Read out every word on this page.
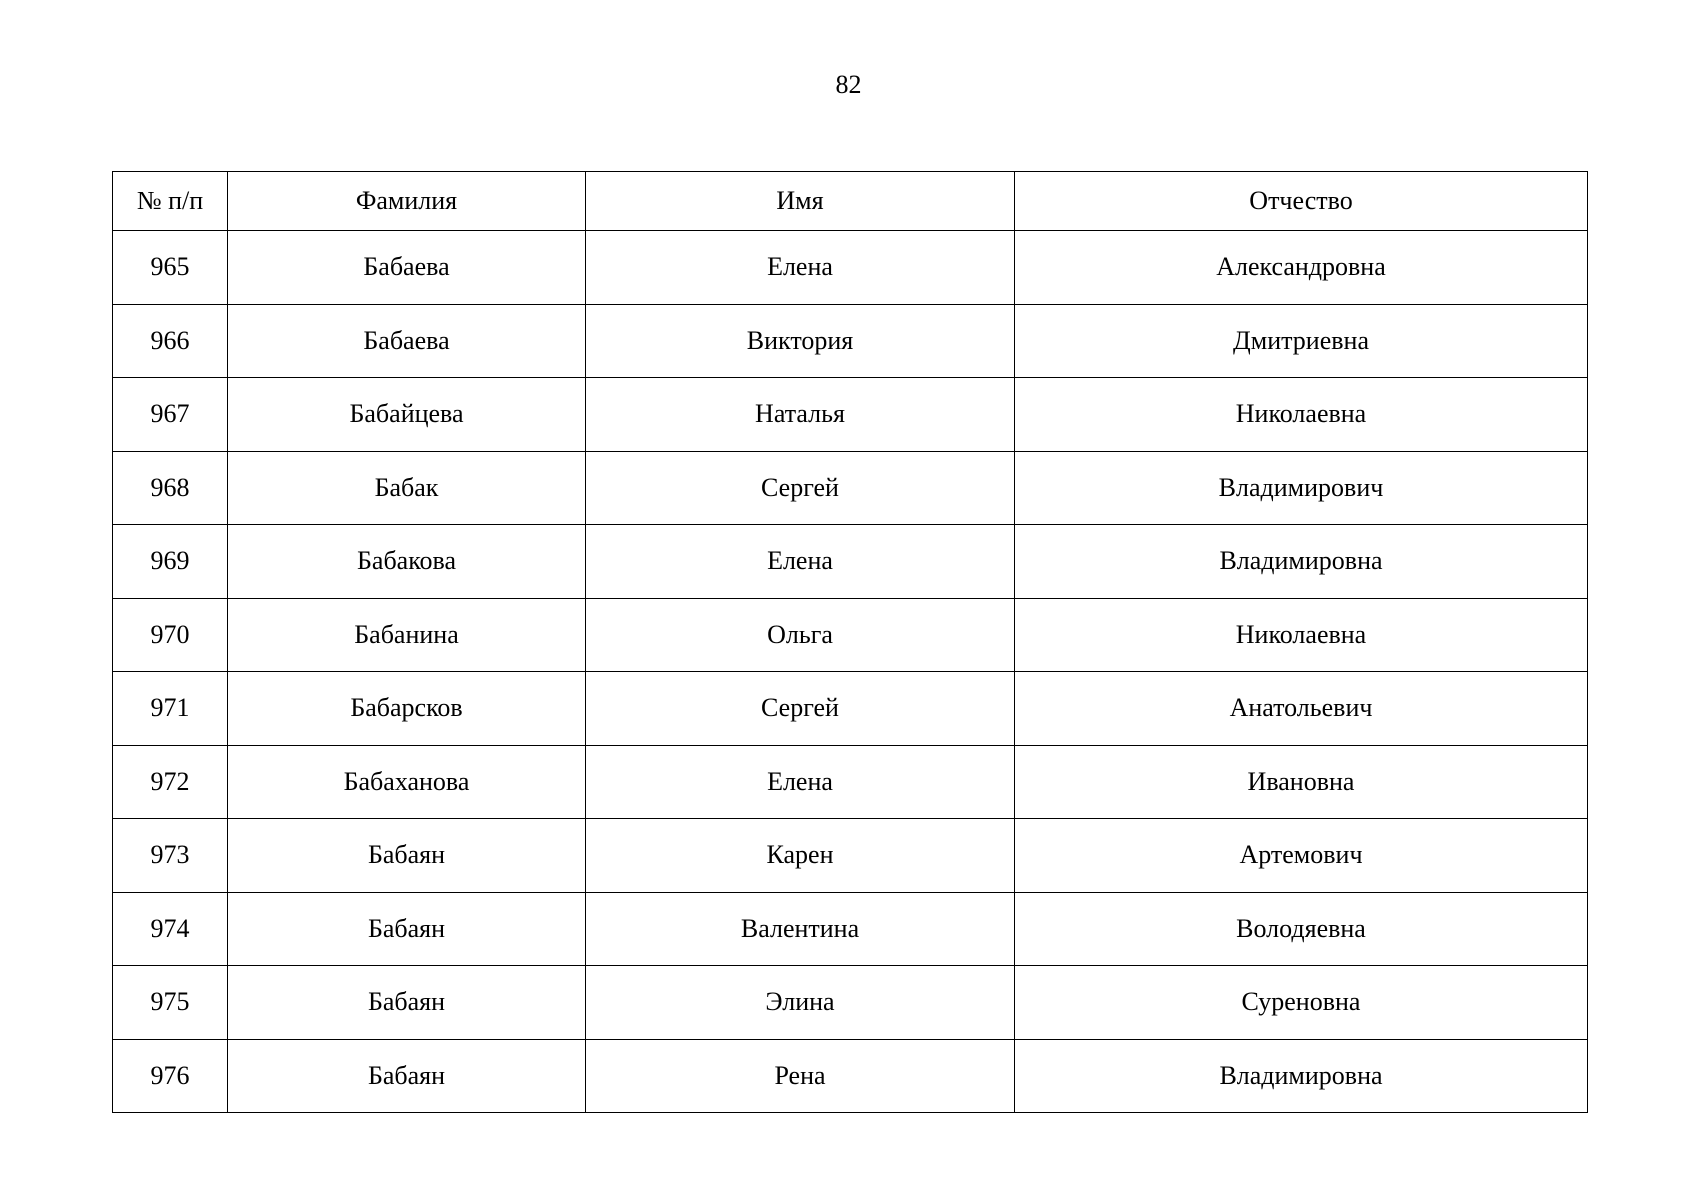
82
№ п/п	Фамилия	Имя	Отчество
965	Бабаева	Елена	Александровна
966	Бабаева	Виктория	Дмитриевна
967	Бабайцева	Наталья	Николаевна
968	Бабак	Сергей	Владимирович
969	Бабакова	Елена	Владимировна
970	Бабанина	Ольга	Николаевна
971	Бабарсков	Сергей	Анатольевич
972	Бабаханова	Елена	Ивановна
973	Бабаян	Карен	Артемович
974	Бабаян	Валентина	Володяевна
975	Бабаян	Элина	Суреновна
976	Бабаян	Рена	Владимировна
